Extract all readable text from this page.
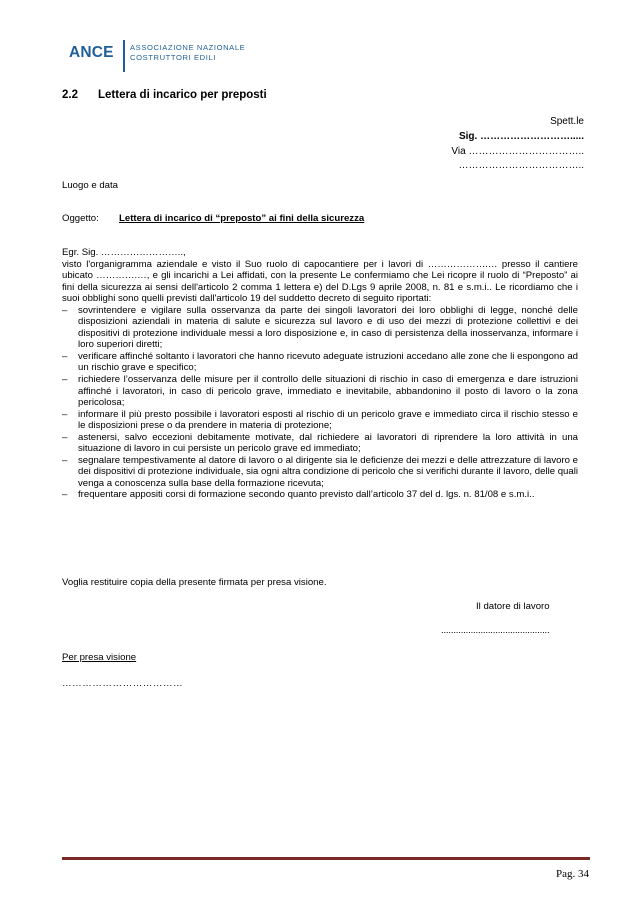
ANCE ASSOCIAZIONE NAZIONALE
COSTRUTTORI EDILI
2.2 Lettera di incarico per preposti
Spett.le
Sig. ……………………….....
Via ……………………………..
………………………………..
Luogo e data
Oggetto: Lettera di incarico di “preposto” ai fini della sicurezza

Egr. Sig. ……………………..,

visto l'organigramma aziendale e visto il Suo ruolo di capocantiere per i lavori di ……………….… presso il cantiere ubicato ………….…, e gli incarichi a Lei affidati, con la presente Le confermiamo che Lei ricopre il ruolo di “Preposto” ai fini della sicurezza ai sensi dell'articolo 2 comma 1 lettera e) del D.Lgs 9 aprile 2008, n. 81 e s.m.i.. Le ricordiamo che i suoi obblighi sono quelli previsti dall'articolo 19 del suddetto decreto di seguito riportati:

– sovrintendere e vigilare sulla osservanza da parte dei singoli lavoratori dei loro obblighi di legge, nonché delle disposizioni aziendali in materia di salute e sicurezza sul lavoro e di uso dei mezzi di protezione collettivi e dei dispositivi di protezione individuale messi a loro disposizione e, in caso di persistenza della inosservanza, informare i loro superiori diretti;
– verificare affinché soltanto i lavoratori che hanno ricevuto adeguate istruzioni accedano alle zone che li espongono ad un rischio grave e specifico;
– richiedere l’osservanza delle misure per il controllo delle situazioni di rischio in caso di emergenza e dare istruzioni affinché i lavoratori, in caso di pericolo grave, immediato e inevitabile, abbandonino il posto di lavoro o la zona pericolosa;
– informare il più presto possibile i lavoratori esposti al rischio di un pericolo grave e immediato circa il rischio stesso e le disposizioni prese o da prendere in materia di protezione;
– astenersi, salvo eccezioni debitamente motivate, dal richiedere ai lavoratori di riprendere la loro attività in una situazione di lavoro in cui persiste un pericolo grave ed immediato;
– segnalare tempestivamente al datore di lavoro o al dirigente sia le deficienze dei mezzi e delle attrezzature di lavoro e dei dispositivi di protezione individuale, sia ogni altra condizione di pericolo che si verifichi durante il lavoro, delle quali venga a conoscenza sulla base della formazione ricevuta;
– frequentare appositi corsi di formazione secondo quanto previsto dall’articolo 37 del d. lgs. n. 81/08 e s.m.i..
Voglia restituire copia della presente firmata per presa visione.
Il datore di lavoro
............................................
Per presa visione
………………………………
Pag. 34
